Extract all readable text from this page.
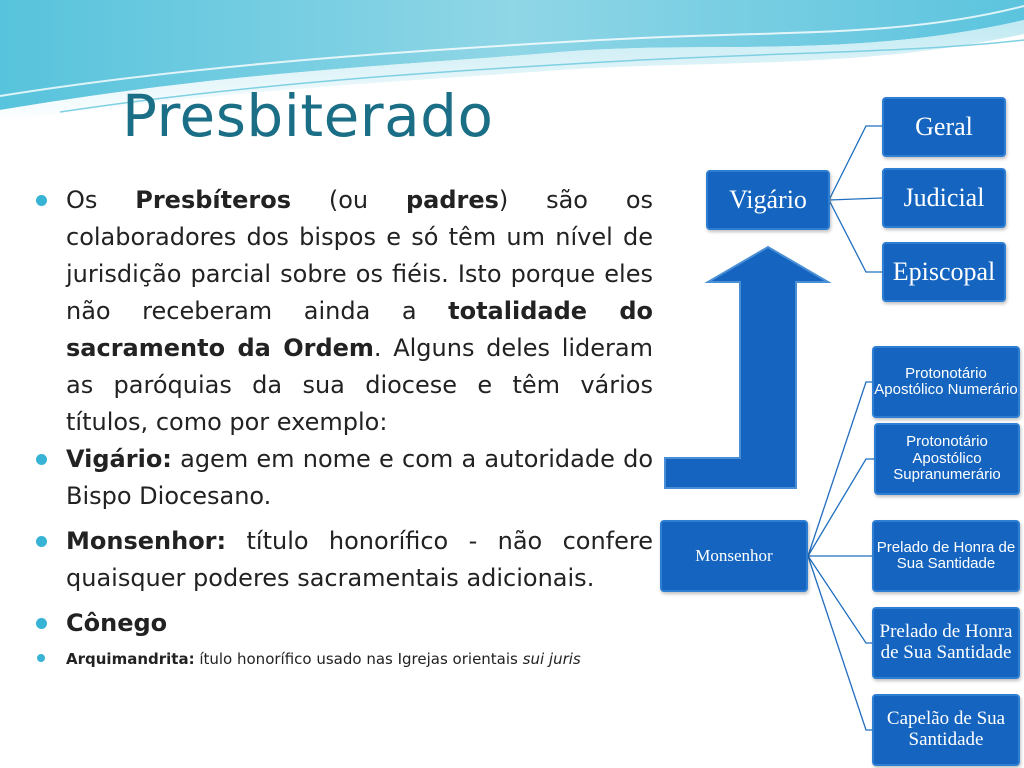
Presbiterado
Os Presbíteros (ou padres) são os colaboradores dos bispos e só têm um nível de jurisdição parcial sobre os fiéis. Isto porque eles não receberam ainda a totalidade do sacramento da Ordem. Alguns deles lideram as paróquias da sua diocese e têm vários títulos, como por exemplo:
Vigário: agem em nome e com a autoridade do Bispo Diocesano.
Monsenhor: título honorífico - não confere quaisquer poderes sacramentais adicionais.
Cônego
Arquimandrita: ítulo honorífico usado nas Igrejas orientais sui juris
Vigário
Geral
Judicial
Episcopal
Monsenhor
Protonotário Apostólico Numerário
Protonotário Apostólico Supranumerário
Prelado de Honra de Sua Santidade
Prelado de Honra de Sua Santidade
Capelão de Sua Santidade
